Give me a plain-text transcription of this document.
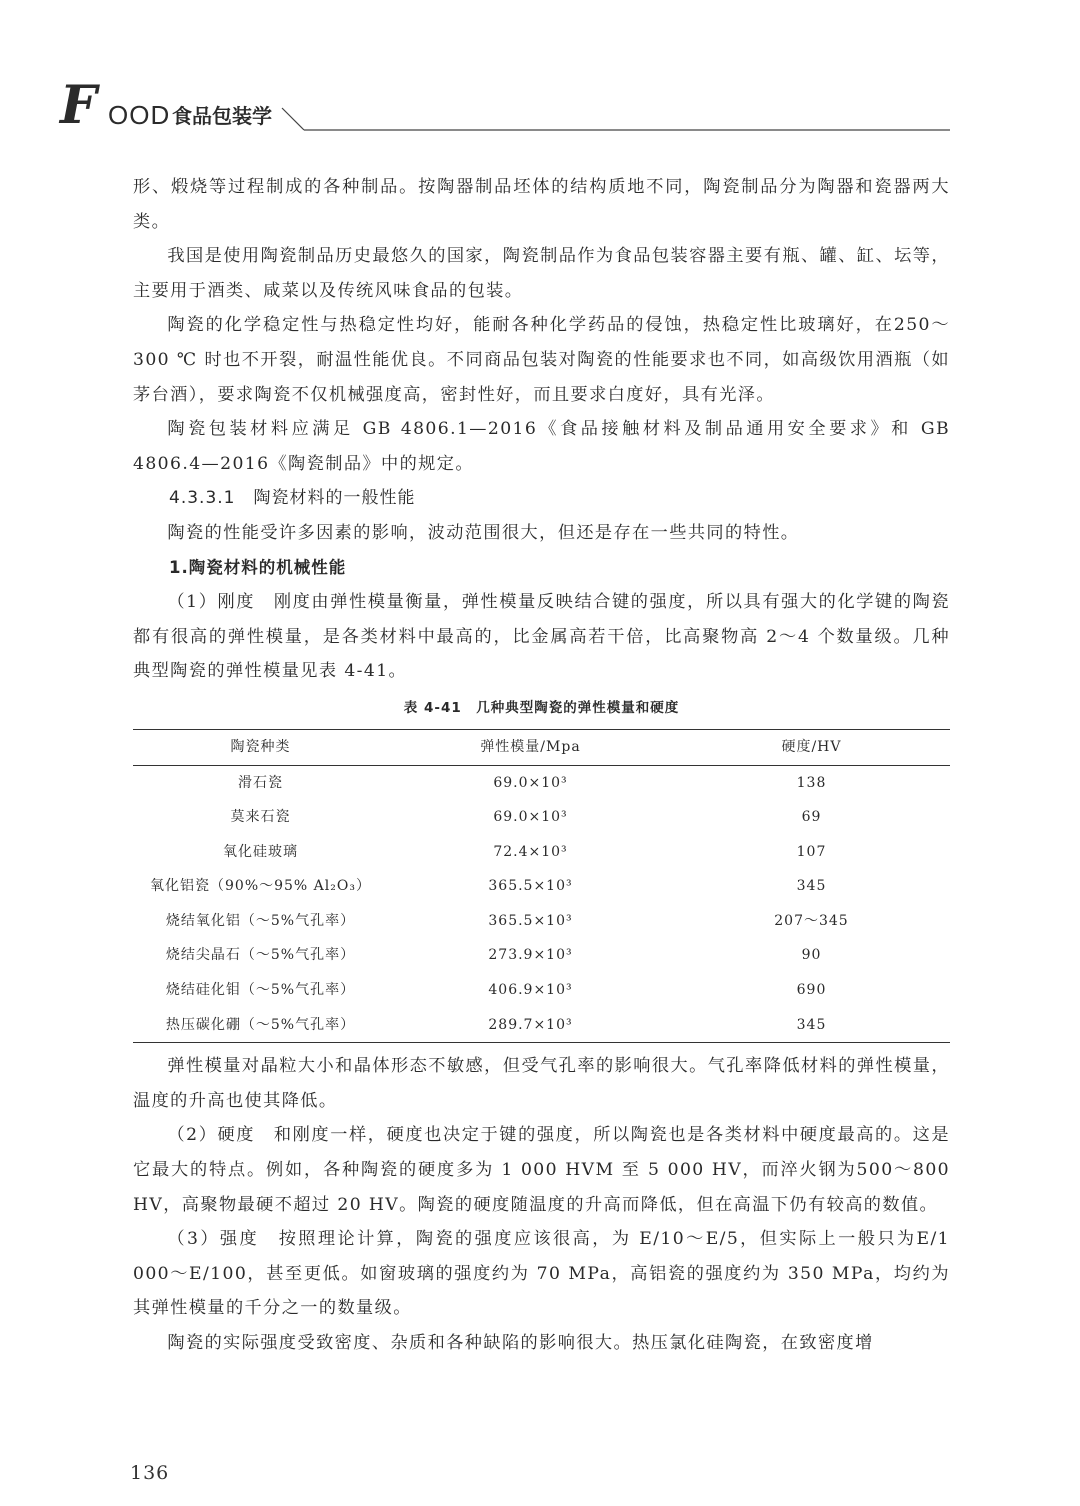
F OOD 食品包装学

形、煅烧等过程制成的各种制品。按陶器制品坯体的结构质地不同，陶瓷制品分为陶器和瓷器两大类。

我国是使用陶瓷制品历史最悠久的国家，陶瓷制品作为食品包装容器主要有瓶、罐、缸、坛等，主要用于酒类、咸菜以及传统风味食品的包装。

陶瓷的化学稳定性与热稳定性均好，能耐各种化学药品的侵蚀，热稳定性比玻璃好，在250～300 ℃ 时也不开裂，耐温性能优良。不同商品包装对陶瓷的性能要求也不同，如高级饮用酒瓶（如茅台酒），要求陶瓷不仅机械强度高，密封性好，而且要求白度好，具有光泽。

陶瓷包装材料应满足 GB 4806.1—2016《食品接触材料及制品通用安全要求》和 GB 4806.4—2016《陶瓷制品》中的规定。

4.3.3.1　陶瓷材料的一般性能

陶瓷的性能受许多因素的影响，波动范围很大，但还是存在一些共同的特性。

1.陶瓷材料的机械性能

（1）刚度　刚度由弹性模量衡量，弹性模量反映结合键的强度，所以具有强大的化学键的陶瓷都有很高的弹性模量，是各类材料中最高的，比金属高若干倍，比高聚物高 2～4 个数量级。几种典型陶瓷的弹性模量见表 4-41。

表 4-41　几种典型陶瓷的弹性模量和硬度
陶瓷种类	弹性模量/Mpa	硬度/HV
滑石瓷	69.0×10³	138
莫来石瓷	69.0×10³	69
氧化硅玻璃	72.4×10³	107
氧化铝瓷（90%～95% Al₂O₃）	365.5×10³	345
烧结氧化铝（～5%气孔率）	365.5×10³	207～345
烧结尖晶石（～5%气孔率）	273.9×10³	90
烧结硅化钼（～5%气孔率）	406.9×10³	690
热压碳化硼（～5%气孔率）	289.7×10³	345

弹性模量对晶粒大小和晶体形态不敏感，但受气孔率的影响很大。气孔率降低材料的弹性模量，温度的升高也使其降低。

（2）硬度　和刚度一样，硬度也决定于键的强度，所以陶瓷也是各类材料中硬度最高的。这是它最大的特点。例如，各种陶瓷的硬度多为 1 000 HVM 至 5 000 HV，而淬火钢为500～800 HV，高聚物最硬不超过 20 HV。陶瓷的硬度随温度的升高而降低，但在高温下仍有较高的数值。

（3）强度　按照理论计算，陶瓷的强度应该很高，为 E/10～E/5，但实际上一般只为E/1 000～E/100，甚至更低。如窗玻璃的强度约为 70 MPa，高铝瓷的强度约为 350 MPa，均约为其弹性模量的千分之一的数量级。

陶瓷的实际强度受致密度、杂质和各种缺陷的影响很大。热压氯化硅陶瓷，在致密度增

136
